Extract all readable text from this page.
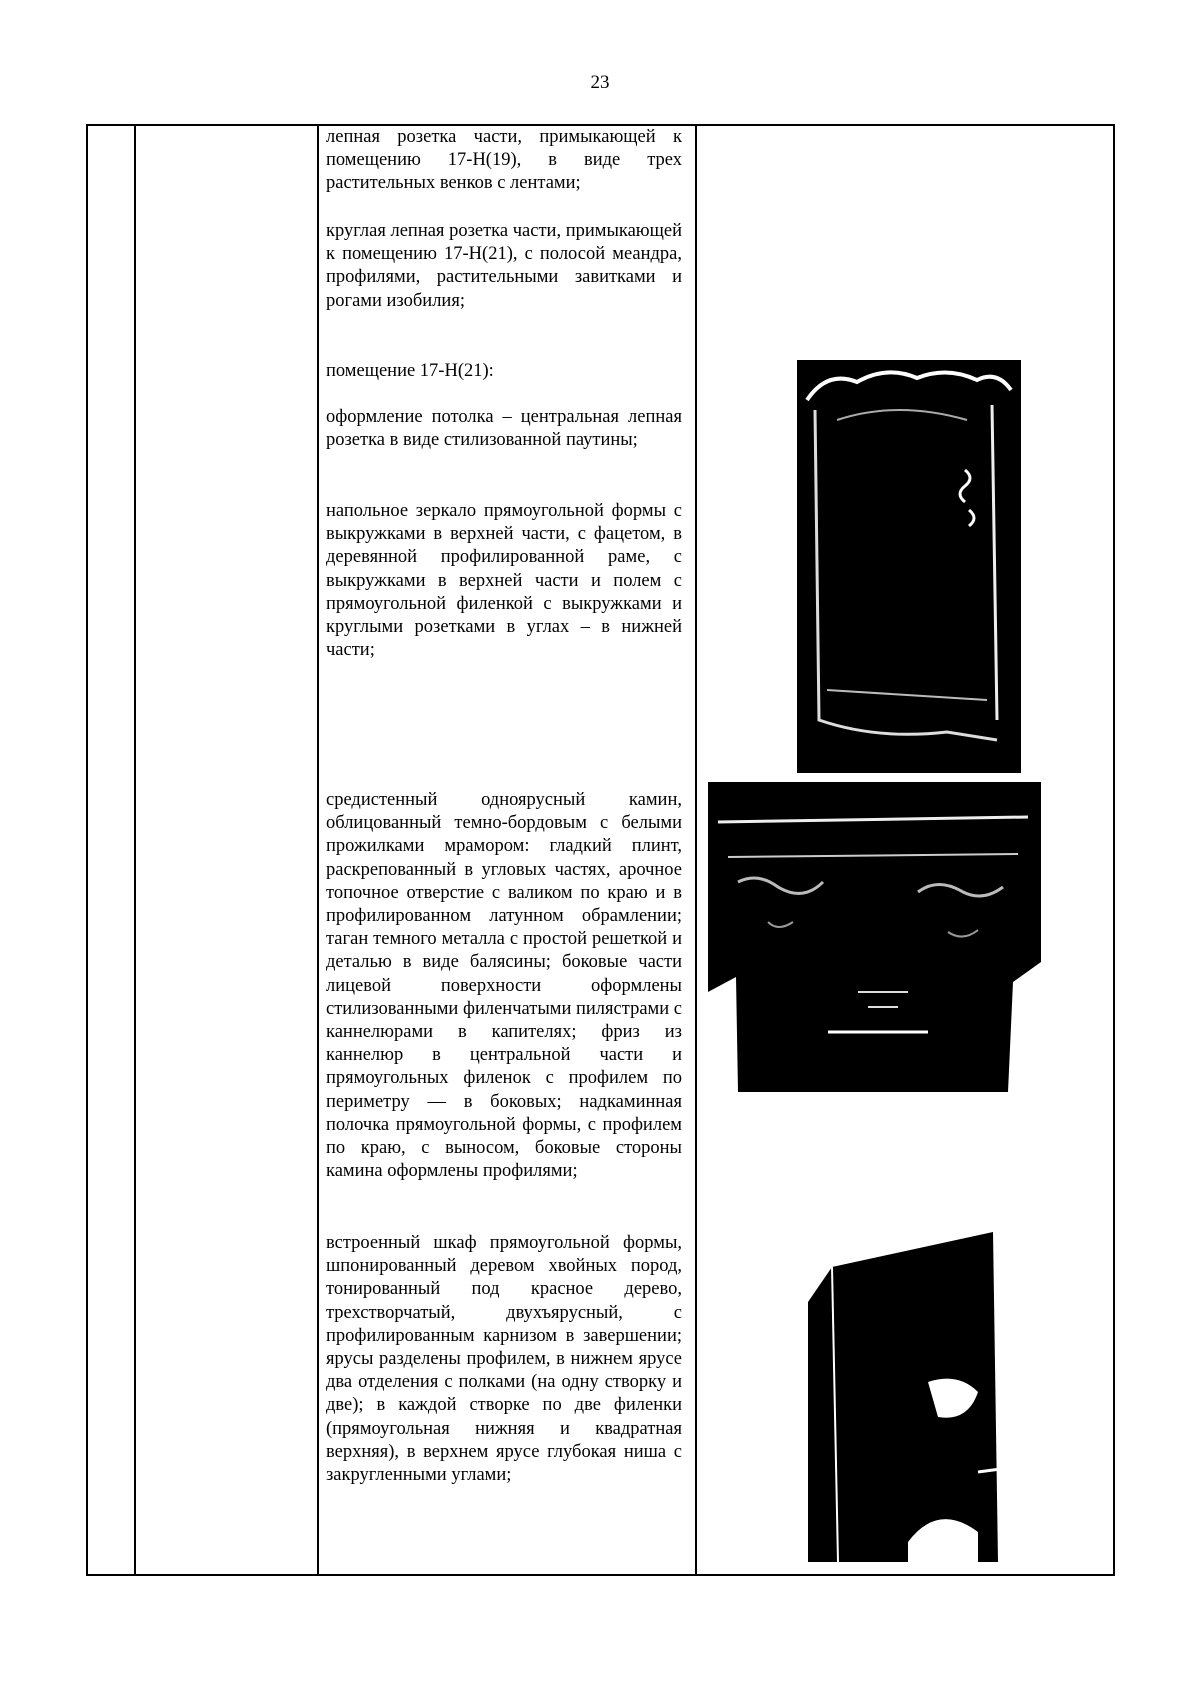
23

лепная розетка части, примыкающей к помещению 17-Н(19), в виде трех растительных венков с лентами;

круглая лепная розетка части, примыкающей к помещению 17-Н(21), с полосой меандра, профилями, растительными завитками и рогами изобилия;

помещение 17-Н(21):

оформление потолка – центральная лепная розетка в виде стилизованной паутины;

напольное зеркало прямоугольной формы с выкружками в верхней части, с фацетом, в деревянной профилированной раме, с выкружками в верхней части и полем с прямоугольной филенкой с выкружками и круглыми розетками в углах – в нижней части;

средистенный одноярусный камин, облицованный темно-бордовым с белыми прожилками мрамором: гладкий плинт, раскрепованный в угловых частях, арочное топочное отверстие с валиком по краю и в профилированном латунном обрамлении; таган темного металла с простой решеткой и деталью в виде балясины; боковые части лицевой поверхности оформлены стилизованными филенчатыми пилястрами с каннелюрами в капителях; фриз из каннелюр в центральной части и прямоугольных филенок с профилем по периметру — в боковых; надкаминная полочка прямоугольной формы, с профилем по краю, с выносом, боковые стороны камина оформлены профилями;

встроенный шкаф прямоугольной формы, шпонированный деревом хвойных пород, тонированный под красное дерево, трехстворчатый, двухъярусный, с профилированным карнизом в завершении; ярусы разделены профилем, в нижнем ярусе два отделения с полками (на одну створку и две); в каждой створке по две филенки (прямоугольная нижняя и квадратная верхняя), в верхнем ярусе глубокая ниша с закругленными углами;
